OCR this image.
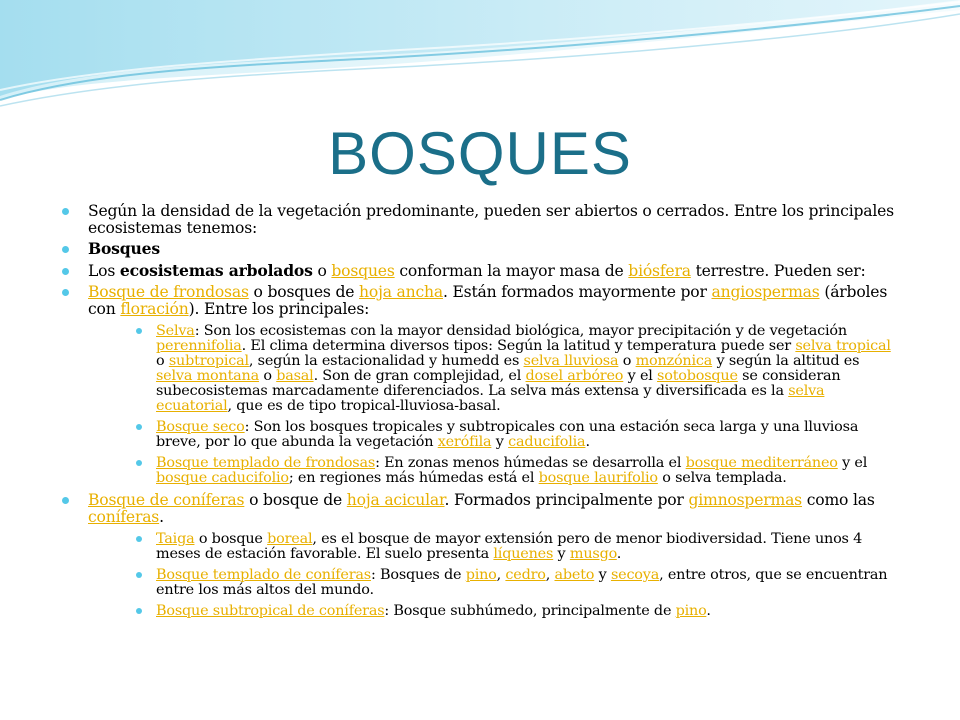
BOSQUES
Según la densidad de la vegetación predominante, pueden ser abiertos o cerrados. Entre los principales ecosistemas tenemos:
Bosques
Los ecosistemas arbolados o bosques conforman la mayor masa de biósfera terrestre. Pueden ser:
Bosque de frondosas o bosques de hoja ancha. Están formados mayormente por angiospermas (árboles con floración). Entre los principales:
Selva: Son los ecosistemas con la mayor densidad biológica, mayor precipitación y de vegetación perennifolia. El clima determina diversos tipos: Según la latitud y temperatura puede ser selva tropical o subtropical, según la estacionalidad y humedd es selva lluviosa o monzónica y según la altitud es selva montana o basal. Son de gran complejidad, el dosel arbóreo y el sotobosque se consideran subecosistemas marcadamente diferenciados. La selva más extensa y diversificada es la selva ecuatorial, que es de tipo tropical-lluviosa-basal.
Bosque seco: Son los bosques tropicales y subtropicales con una estación seca larga y una lluviosa breve, por lo que abunda la vegetación xerófila y caducifolia.
Bosque templado de frondosas: En zonas menos húmedas se desarrolla el bosque mediterráneo y el bosque caducifolio; en regiones más húmedas está el bosque laurifolio o selva templada.
Bosque de coníferas o bosque de hoja acicular. Formados principalmente por gimnospermas como las coníferas.
Taiga o bosque boreal, es el bosque de mayor extensión pero de menor biodiversidad. Tiene unos 4 meses de estación favorable. El suelo presenta líquenes y musgo.
Bosque templado de coníferas: Bosques de pino, cedro, abeto y secoya, entre otros, que se encuentran entre los más altos del mundo.
Bosque subtropical de coníferas: Bosque subhúmedo, principalmente de pino.
